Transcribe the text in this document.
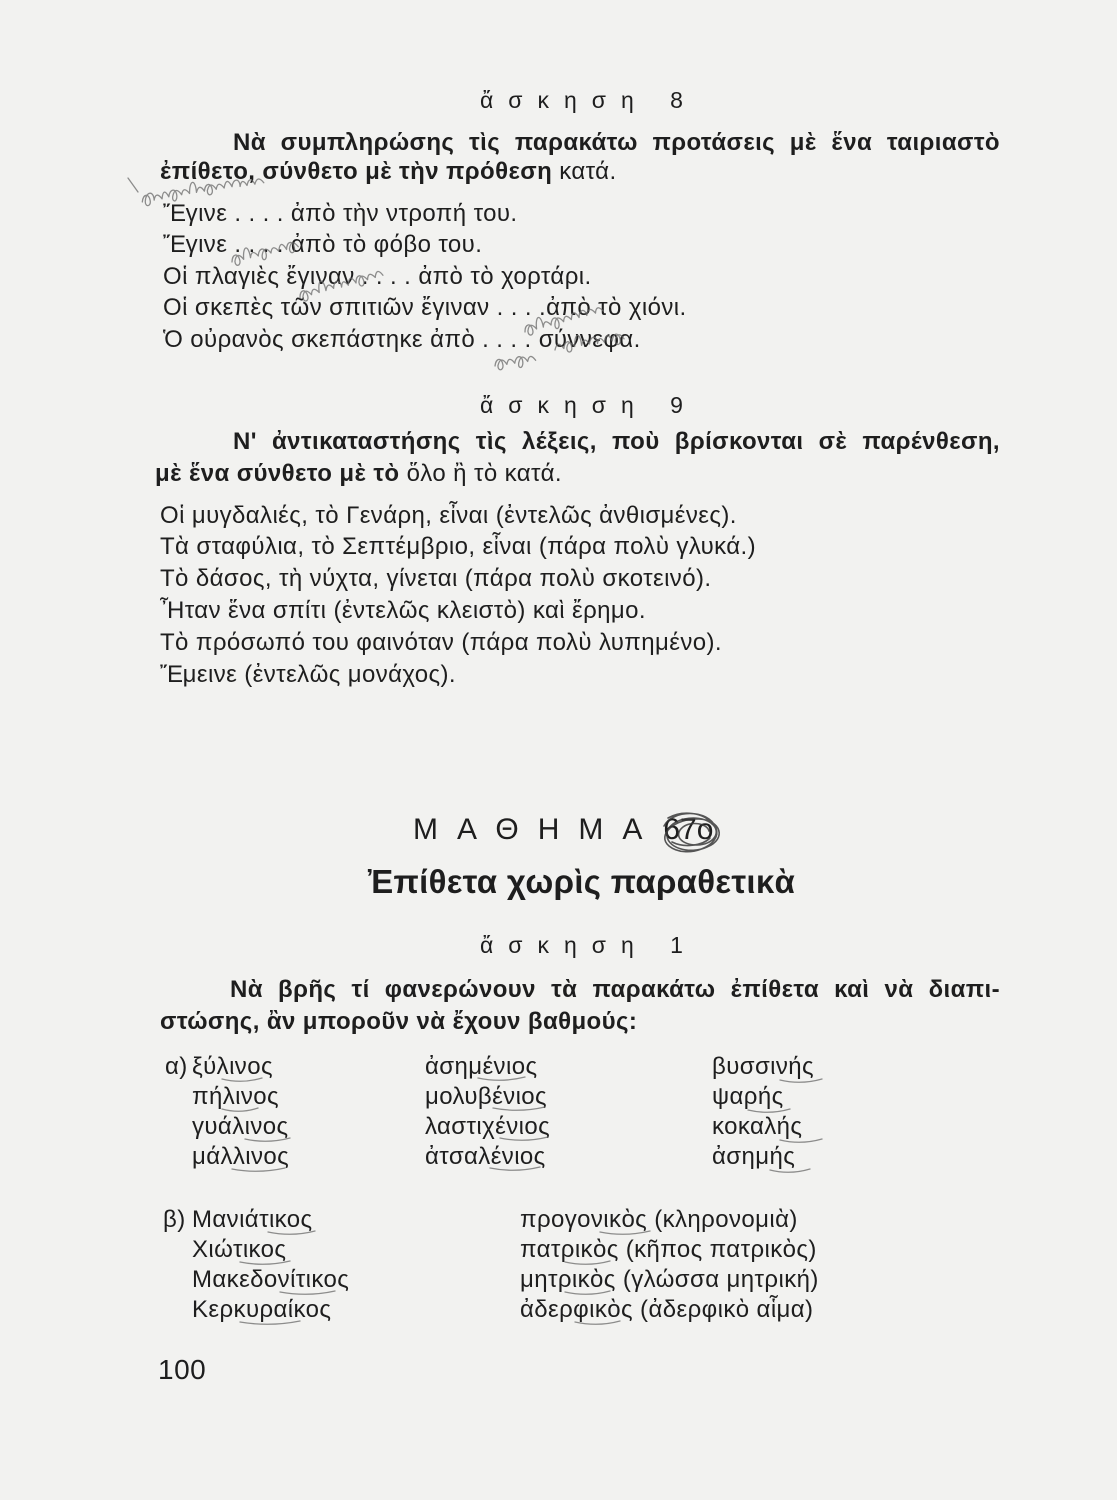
ἄσκηση 8
Νὰ συμπληρώσης τὶς παρακάτω προτάσεις μὲ ἕνα ταιριαστὸ
ἐπίθετο, σύνθετο μὲ τὴν πρόθεση κατά.
Ἔγινε . . . . ἀπὸ τὴν ντροπή του.
Ἔγινε . . . . ἀπὸ τὸ φόβο του.
Οἱ πλαγιὲς ἔγιναν . . . . ἀπὸ τὸ χορτάρι.
Οἱ σκεπὲς τῶν σπιτιῶν ἔγιναν . . . .ἀπὸ τὸ χιόνι.
Ὁ οὐρανὸς σκεπάστηκε ἀπὸ . . . . σύννεφα.
ἄσκηση 9
Ν' ἀντικαταστήσης τὶς λέξεις, ποὺ βρίσκονται σὲ παρένθεση,
μὲ ἕνα σύνθετο μὲ τὸ ὅλο ἢ τὸ κατά.
Οἱ μυγδαλιές, τὸ Γενάρη, εἶναι (ἐντελῶς ἀνθισμένες).
Τὰ σταφύλια, τὸ Σεπτέμβριο, εἶναι (πάρα πολὺ γλυκά.)
Τὸ δάσος, τὴ νύχτα, γίνεται (πάρα πολὺ σκοτεινό).
Ἦταν ἕνα σπίτι (ἐντελῶς κλειστὸ) καὶ ἔρημο.
Τὸ πρόσωπό του φαινόταν (πάρα πολὺ λυπημένο).
Ἔμεινε (ἐντελῶς μονάχος).
ΜΑΘΗΜΑ67ο
Ἐπίθετα χωρὶς παραθετικὰ
ἄσκηση 1
Νὰ βρῆς τί φανερώνουν τὰ παρακάτω ἐπίθετα καὶ νὰ διαπι-
στώσης, ἂν μποροῦν νὰ ἔχουν βαθμούς:
α) ξύλινος
πήλινος
γυάλινος
μάλλινος
ἀσημένιος
μολυβένιος
λαστιχένιος
ἀτσαλένιος
βυσσινής
ψαρής
κοκαλής
ἀσημής
β) Μανιάτικος
Χιώτικος
Μακεδονίτικος
Κερκυραίκος
προγονικὸς (κληρονομιὰ)
πατρικὸς (κῆπος πατρικὸς)
μητρικὸς (γλώσσα μητρική)
ἀδερφικὸς (ἀδερφικὸ αἷμα)
100
